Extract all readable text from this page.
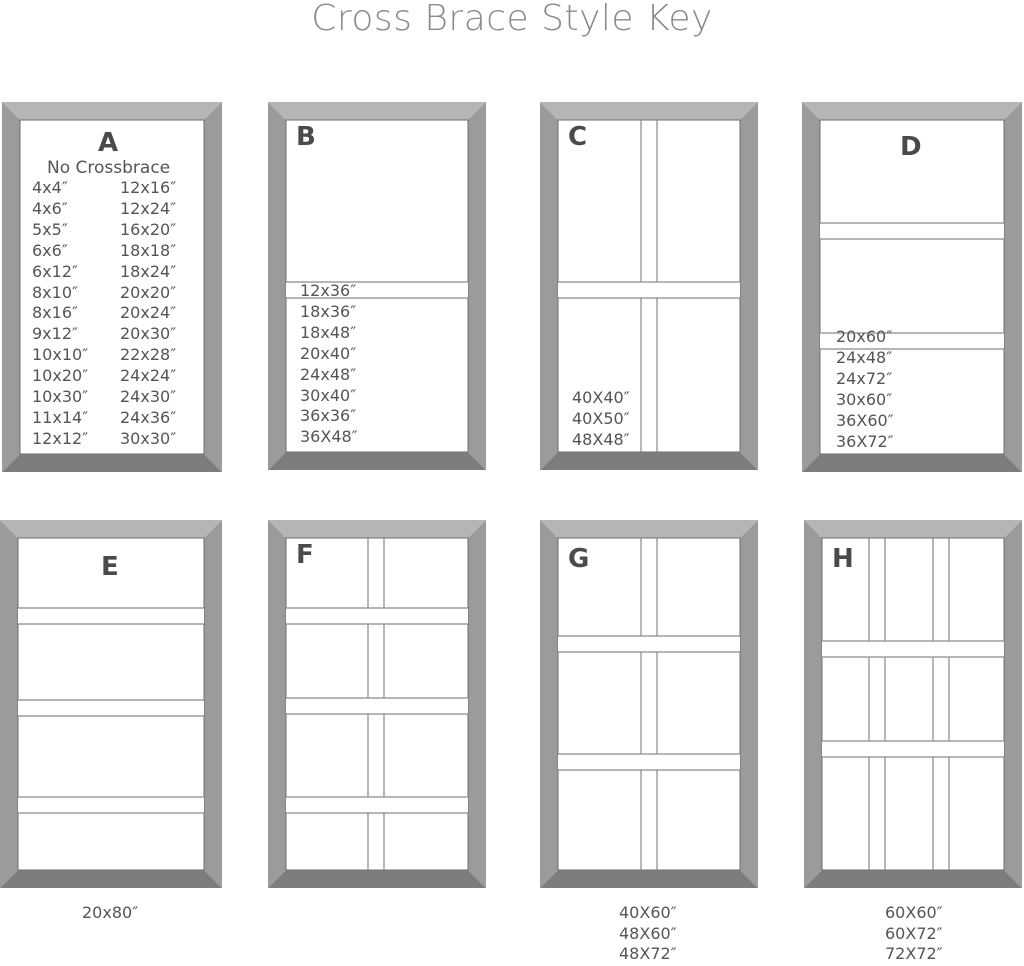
Cross Brace Style Key
A
No Crossbrace
4x4″
4x6″
5x5″
6x6″
6x12″
8x10″
8x16″
9x12″
10x10″
10x20″
10x30″
11x14″
12x12″
12x16″
12x24″
16x20″
18x18″
18x24″
20x20″
20x24″
20x30″
22x28″
24x24″
24x30″
24x36″
30x30″
B
12x36″
18x36″
18x48″
20x40″
24x48″
30x40″
36x36″
36X48″
C
40X40″
40X50″
48X48″
D
20x60″
24x48″
24x72″
30x60″
36X60″
36X72″
E
20x80″
F	G
40X60″
48X60″
48X72″
H
60X60″
60X72″
72X72″
